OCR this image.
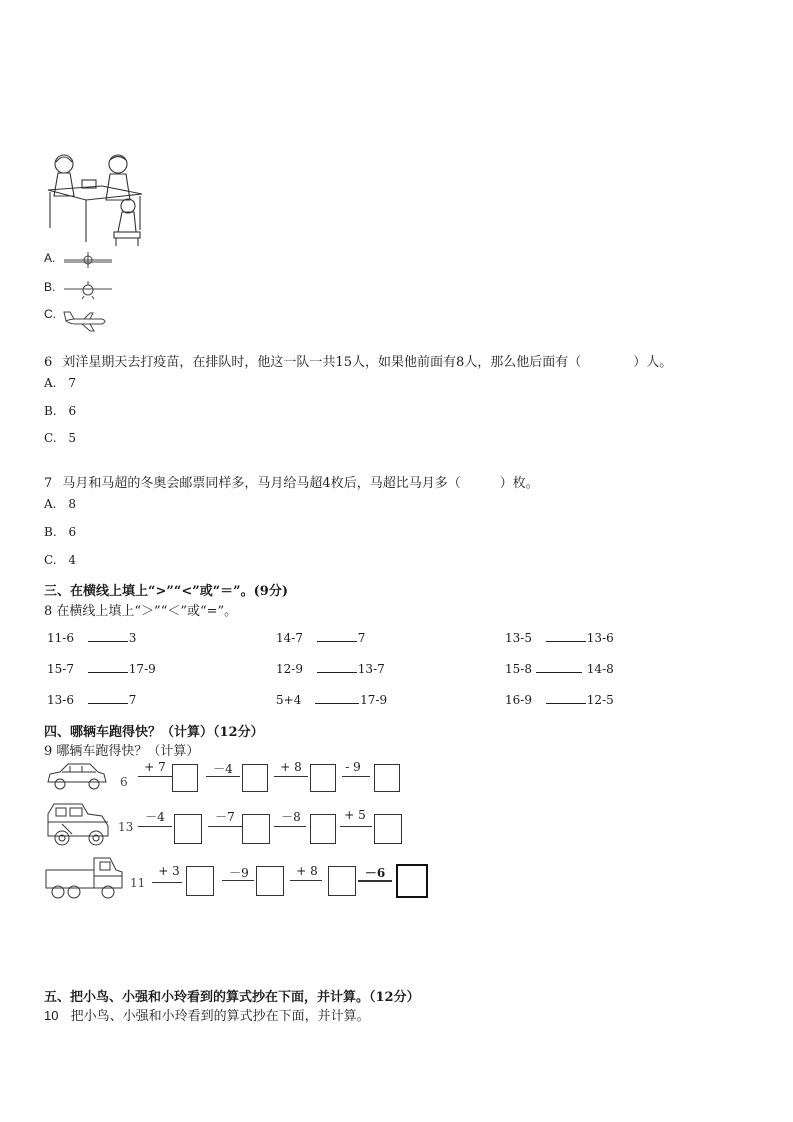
A.
B.
C.
6 刘洋星期天去打疫苗，在排队时，他这一队一共15人，如果他前面有8人，那么他后面有（　　　　）人。
A. 7
B. 6
C. 5
7 马月和马超的冬奥会邮票同样多，马月给马超4枚后，马超比马月多（　　　）枚。
A. 8
B. 6
C. 4
三、在横线上填上“>”“<”或“＝”。(9分)
8 在横线上填上“＞”“＜”或“=”。
11-6	3	14-7	7	13-5	13-6
15-7	17-9	12-9	13-7	15-8	14-8
13-6	7	5+4	17-9	16-9	12-5
四、哪辆车跑得快？（计算）（12分）
9 哪辆车跑得快？（计算）
6
+ 7	－4	+ 8	- 9
13
－4	－7	－8	+ 5
11
+ 3	－9	+ 8	－6
五、把小鸟、小强和小玲看到的算式抄在下面，并计算。（12分）
10 把小鸟、小强和小玲看到的算式抄在下面，并计算。
